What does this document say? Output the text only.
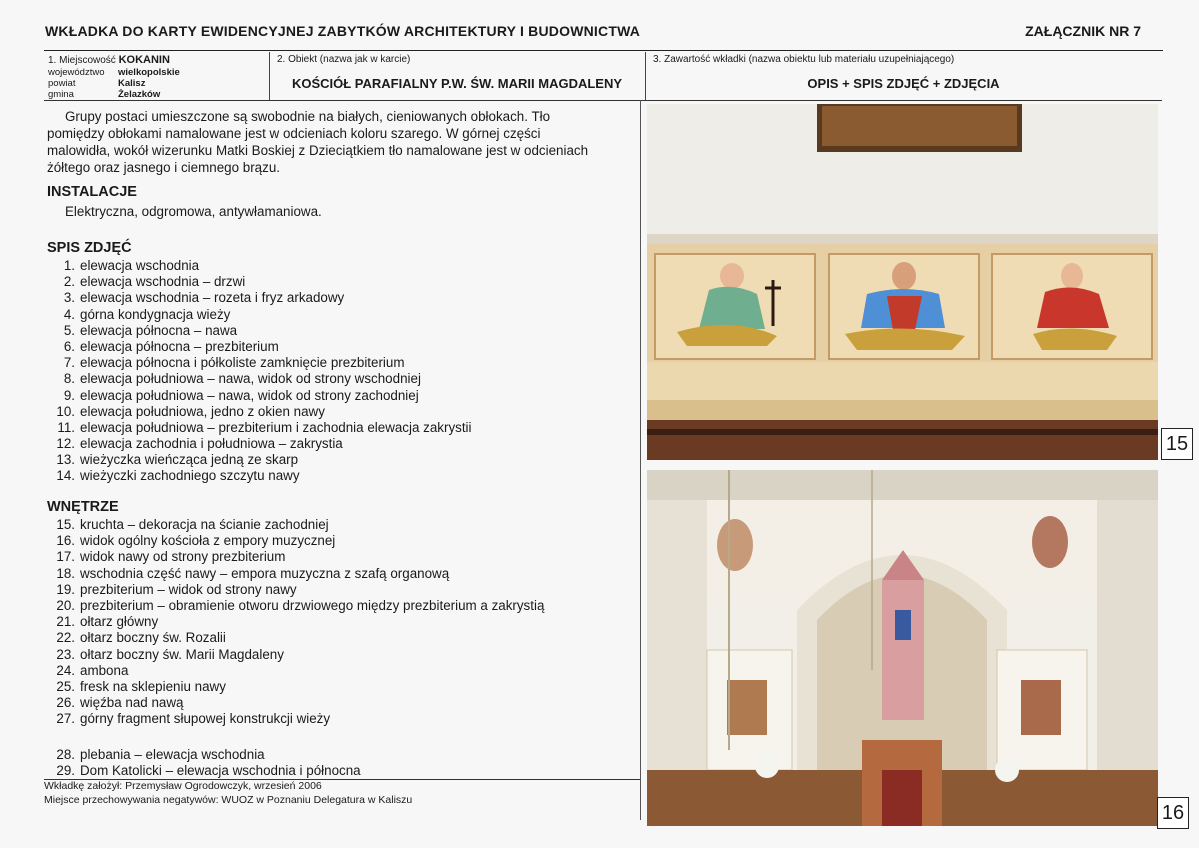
WKŁADKA DO KARTY EWIDENCYJNEJ ZABYTKÓW ARCHITEKTURY I BUDOWNICTWA	ZAŁĄCZNIK NR 7
1. Miejscowość KOKANIN
województwo wielkopolskie
powiat	Kalisz
gmina	Żelazków
2. Obiekt (nazwa jak w karcie)
KOŚCIÓŁ PARAFIALNY P.W. ŚW. MARII MAGDALENY
3. Zawartość wkładki (nazwa obiektu lub materiału uzupełniającego)
OPIS + SPIS ZDJĘĆ + ZDJĘCIA

Grupy postaci umieszczone są swobodnie na białych, cieniowanych obłokach. Tło pomiędzy obłokami namalowane jest w odcieniach koloru szarego. W górnej części malowidła, wokół wizerunku Matki Boskiej z Dzieciątkiem tło namalowane jest w odcieniach żółtego oraz jasnego i ciemnego brązu.

INSTALACJE
Elektryczna, odgromowa, antywłamaniowa.
SPIS ZDJĘĆ
1. elewacja wschodnia
2. elewacja wschodnia – drzwi
3. elewacja wschodnia – rozeta i fryz arkadowy
4. górna kondygnacja wieży
5. elewacja północna – nawa
6. elewacja północna – prezbiterium
7. elewacja północna i półkoliste zamknięcie prezbiterium
8. elewacja południowa – nawa, widok od strony wschodniej
9. elewacja południowa – nawa, widok od strony zachodniej
10. elewacja południowa, jedno z okien nawy
11. elewacja południowa – prezbiterium i zachodnia elewacja zakrystii
12. elewacja zachodnia i południowa – zakrystia
13. wieżyczka wieńcząca jedną ze skarp
14. wieżyczki zachodniego szczytu nawy
WNĘTRZE
15. kruchta – dekoracja na ścianie zachodniej
16. widok ogólny kościoła z empory muzycznej
17. widok nawy od strony prezbiterium
18. wschodnia część nawy – empora muzyczna z szafą organową
19. prezbiterium – widok od strony nawy
20. prezbiterium – obramienie otworu drzwiowego między prezbiterium a zakrystią
21. ołtarz główny
22. ołtarz boczny św. Rozalii
23. ołtarz boczny św. Marii Magdaleny
24. ambona
25. fresk na sklepieniu nawy
26. więźba nad nawą
27. górny fragment słupowej konstrukcji wieży
28. plebania – elewacja wschodnia
29. Dom Katolicki – elewacja wschodnia i północna
Wkładkę założył: Przemysław Ogrodowczyk, wrzesień 2006
Miejsce przechowywania negatywów: WUOZ w Poznaniu Delegatura w Kaliszu
15
16
